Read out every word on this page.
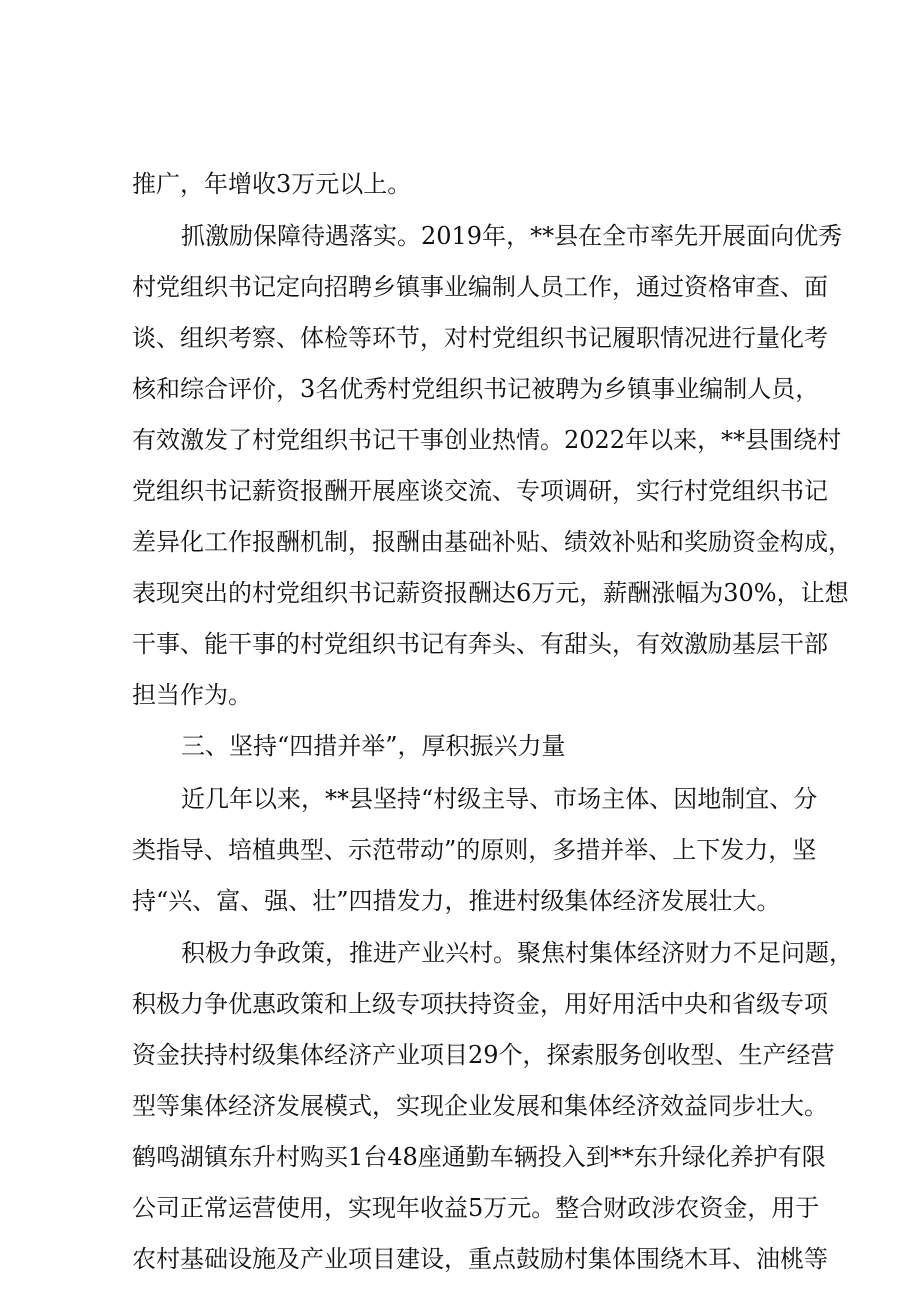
推广，年增收3万元以上。
抓激励保障待遇落实。2019年，**县在全市率先开展面向优秀
村党组织书记定向招聘乡镇事业编制人员工作，通过资格审查、面
谈、组织考察、体检等环节，对村党组织书记履职情况进行量化考
核和综合评价，3名优秀村党组织书记被聘为乡镇事业编制人员，
有效激发了村党组织书记干事创业热情。2022年以来，**县围绕村
党组织书记薪资报酬开展座谈交流、专项调研，实行村党组织书记
差异化工作报酬机制，报酬由基础补贴、绩效补贴和奖励资金构成，
表现突出的村党组织书记薪资报酬达6万元，薪酬涨幅为30%，让想
干事、能干事的村党组织书记有奔头、有甜头，有效激励基层干部
担当作为。
三、坚持“四措并举”，厚积振兴力量
近几年以来，**县坚持“村级主导、市场主体、因地制宜、分
类指导、培植典型、示范带动”的原则，多措并举、上下发力，坚
持“兴、富、强、壮”四措发力，推进村级集体经济发展壮大。
积极力争政策，推进产业兴村。聚焦村集体经济财力不足问题，
积极力争优惠政策和上级专项扶持资金，用好用活中央和省级专项
资金扶持村级集体经济产业项目29个，探索服务创收型、生产经营
型等集体经济发展模式，实现企业发展和集体经济效益同步壮大。
鹤鸣湖镇东升村购买1台48座通勤车辆投入到**东升绿化养护有限
公司正常运营使用，实现年收益5万元。整合财政涉农资金，用于
农村基础设施及产业项目建设，重点鼓励村集体围绕木耳、油桃等
